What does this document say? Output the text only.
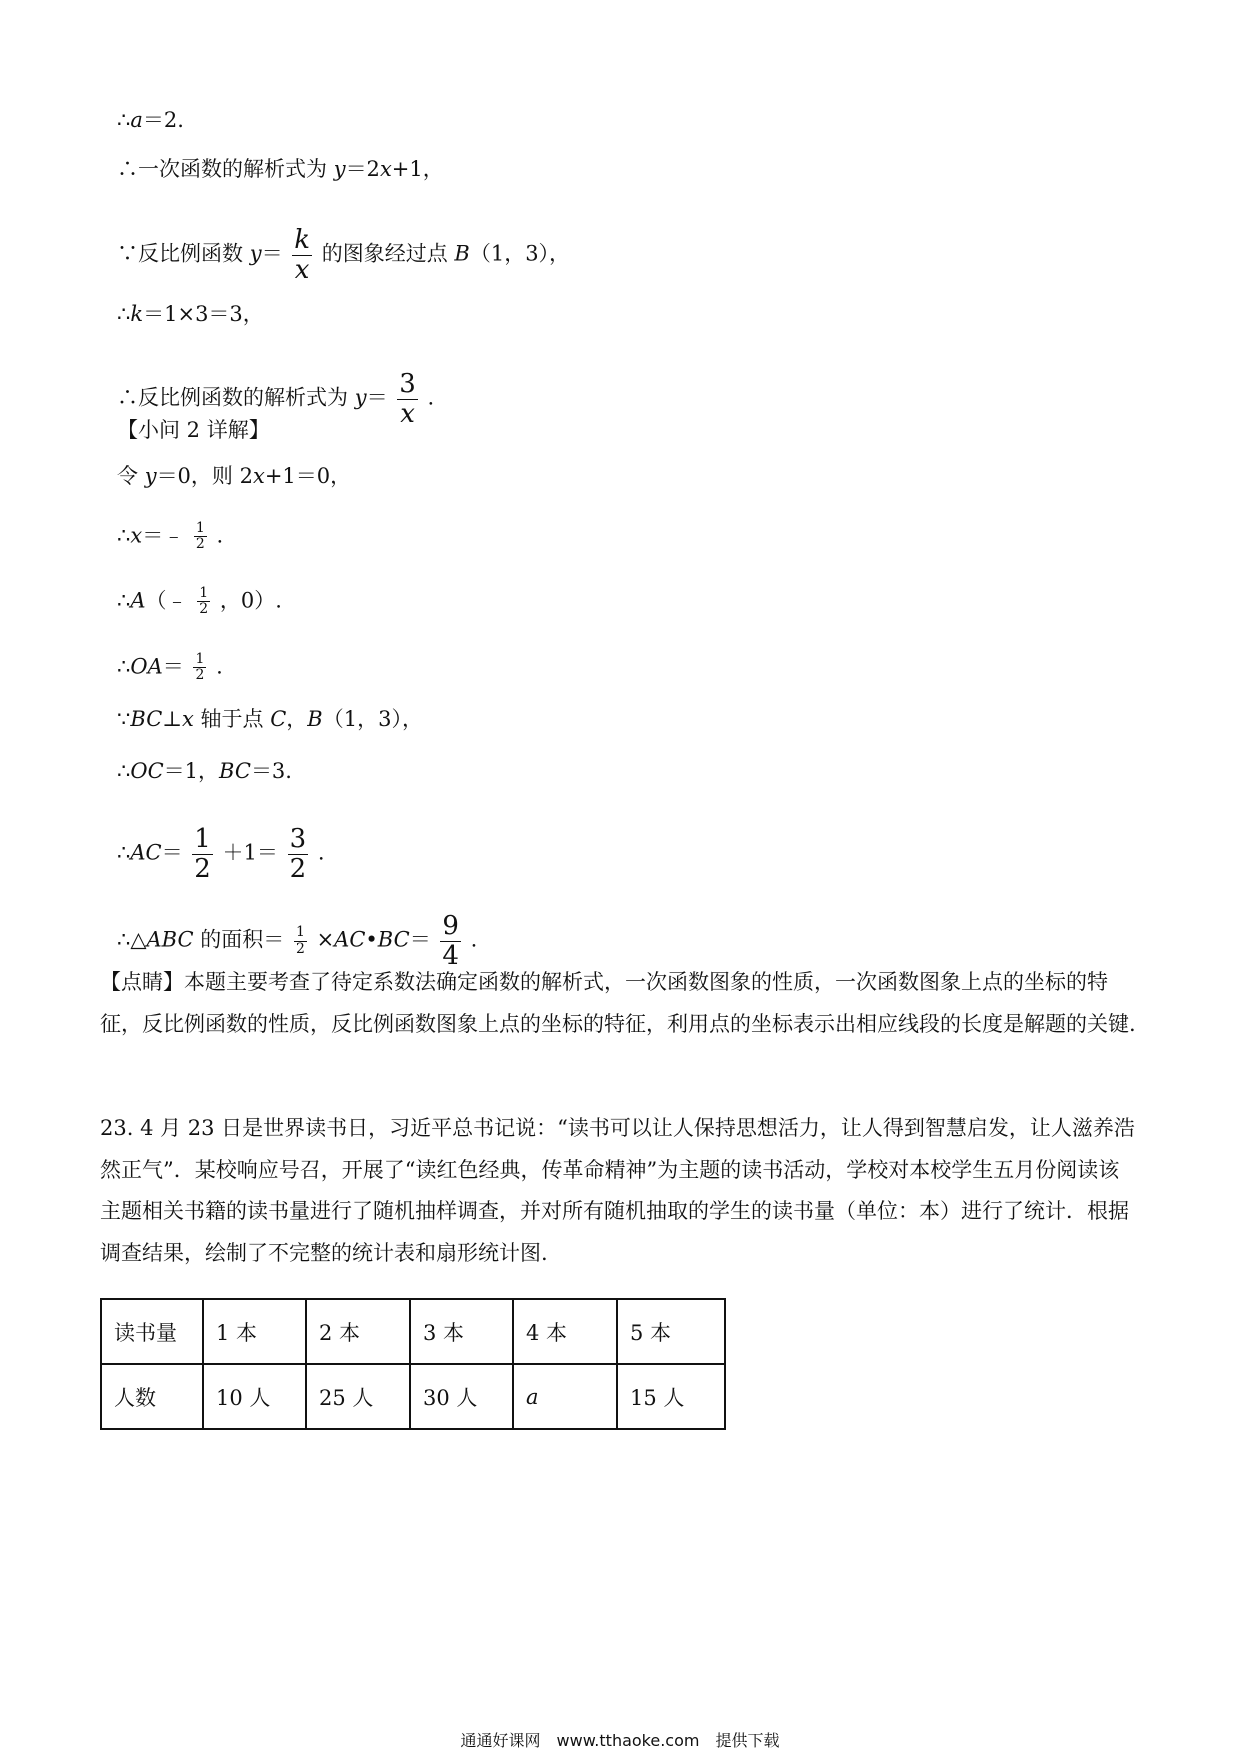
∴a＝2.
∴一次函数的解析式为 y＝2x+1，
∵反比例函数 $y= \frac{k}{x}$ 的图象经过点 B（1，3），
∴k＝1×3＝3，
∴反比例函数的解析式为 $y= \frac{3}{x}$ .
【小问 2 详解】
令 y＝0，则 2x+1＝0，
∴x＝﹣ $\frac{1}{2}$ .
∴A（﹣ $\frac{1}{2}$ ，0）.
∴OA＝ $\frac{1}{2}$ .
∵BC⊥x 轴于点 C，B（1，3），
∴OC＝1，BC＝3.
∴AC＝ $\frac{1}{2} +1= \frac{3}{2}$ .
∴△ABC 的面积＝ $\frac{1}{2}$ ×AC•BC＝ $\frac{9}{4}$ .

【点睛】本题主要考查了待定系数法确定函数的解析式，一次函数图象的性质，一次函数图象上点的坐标的特征，反比例函数的性质，反比例函数图象上点的坐标的特征，利用点的坐标表示出相应线段的长度是解题的关键.

23. 4 月 23 日是世界读书日，习近平总书记说：“读书可以让人保持思想活力，让人得到智慧启发，让人滋养浩然正气”．某校响应号召，开展了“读红色经典，传革命精神”为主题的读书活动，学校对本校学生五月份阅读该主题相关书籍的读书量进行了随机抽样调查，并对所有随机抽取的学生的读书量（单位：本）进行了统计．根据调查结果，绘制了不完整的统计表和扇形统计图.

读书量	1 本	2 本	3 本	4 本	5 本
人数	10 人	25 人	30 人	a	15 人
通通好课网　www.tthaoke.com　提供下载
